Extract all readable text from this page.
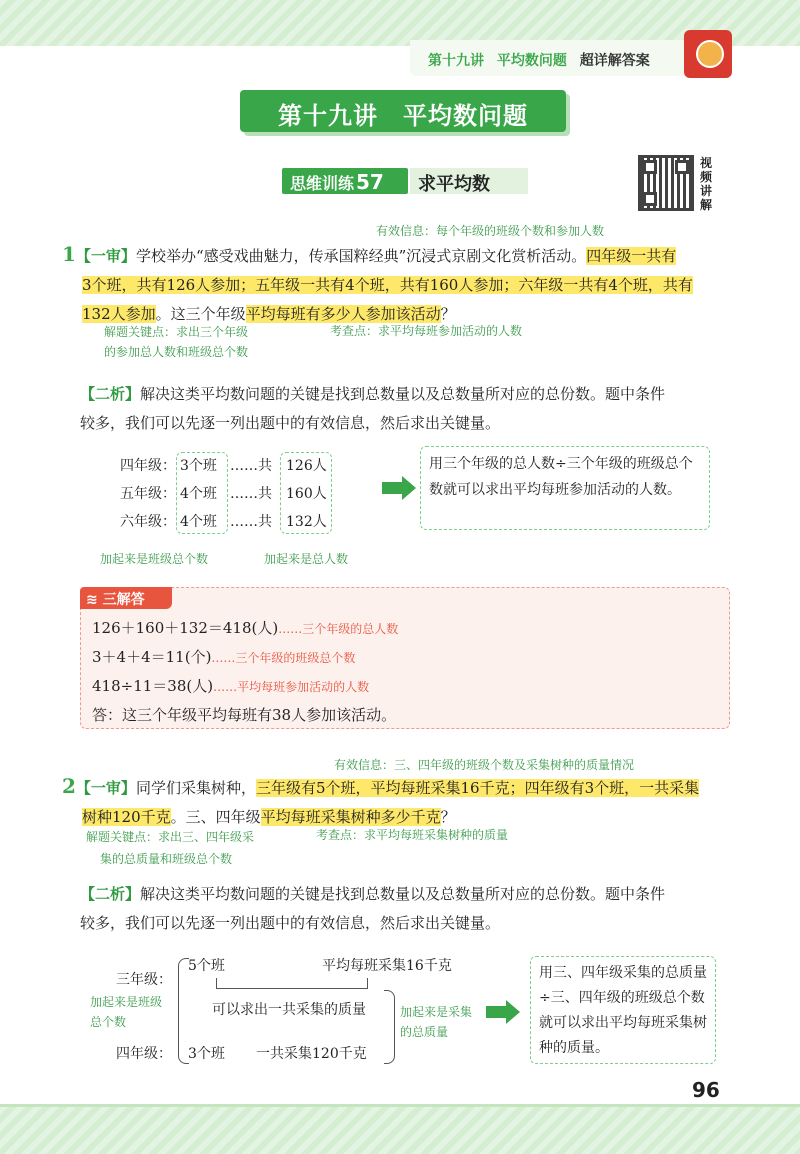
第十九讲 平均数问题 超详解答案
第十九讲　平均数问题
思维训练 57 求平均数
视频讲解
有效信息：每个年级的班级个数和参加人数
1【一审】学校举办“感受戏曲魅力，传承国粹经典”沉浸式京剧文化赏析活动。四年级一共有
3个班，共有126人参加；五年级一共有4个班，共有160人参加；六年级一共有4个班，共有
132人参加。这三个年级平均每班有多少人参加该活动？
解题关键点：求出三个年级
的参加总人数和班级总个数
考查点：求平均每班参加活动的人数
【二析】解决这类平均数问题的关键是找到总数量以及总数量所对应的总份数。题中条件
较多，我们可以先逐一列出题中的有效信息，然后求出关键量。
四年级： 3个班 ……共 126人
五年级： 4个班 ……共 160人
六年级： 4个班 ……共 132人
加起来是班级总个数	加起来是总人数
用三个年级的总人数÷三个年级的班级总个数就可以求出平均每班参加活动的人数。
≋ 三解答
126＋160＋132＝418(人)……三个年级的总人数
3＋4＋4＝11(个)……三个年级的班级总个数
418÷11＝38(人)……平均每班参加活动的人数
答：这三个年级平均每班有38人参加该活动。
有效信息：三、四年级的班级个数及采集树种的质量情况
2【一审】同学们采集树种，三年级有5个班，平均每班采集16千克；四年级有3个班，一共采集
树种120千克。三、四年级平均每班采集树种多少千克？
解题关键点：求出三、四年级采
集的总质量和班级总个数
考查点：求平均每班采集树种的质量
【二析】解决这类平均数问题的关键是找到总数量以及总数量所对应的总份数。题中条件
较多，我们可以先逐一列出题中的有效信息，然后求出关键量。
三年级：
5个班	平均每班采集16千克
可以求出一共采集的质量
四年级： 3个班 一共采集120千克
加起来是班级总个数
加起来是采集的总质量
用三、四年级采集的总质量÷三、四年级的班级总个数就可以求出平均每班采集树种的质量。
96
